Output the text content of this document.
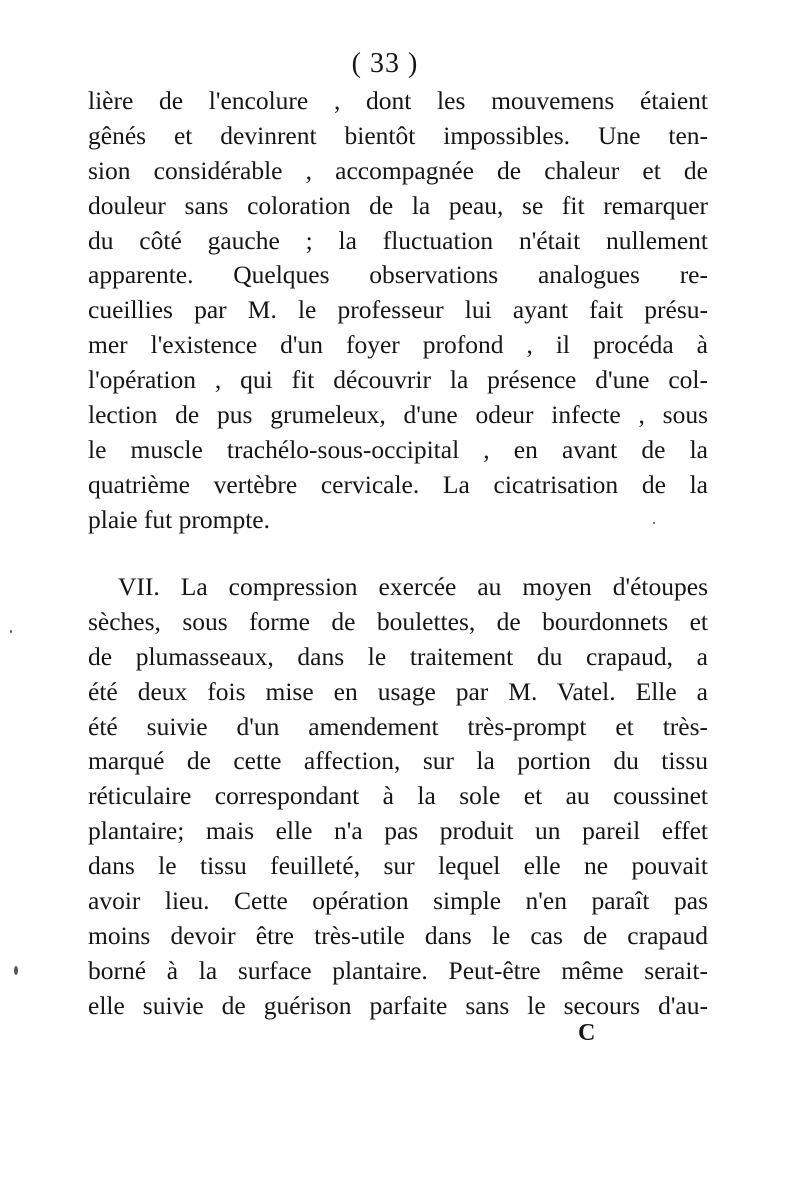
( 33 )
lière de l'encolure , dont les mouvemens étaient
gênés et devinrent bientôt impossibles. Une ten-
sion considérable , accompagnée de chaleur et de
douleur sans coloration de la peau, se fit remarquer
du côté gauche ; la fluctuation n'était nullement
apparente. Quelques observations analogues re-
cueillies par M. le professeur lui ayant fait présu-
mer l'existence d'un foyer profond , il procéda à
l'opération , qui fit découvrir la présence d'une col-
lection de pus grumeleux, d'une odeur infecte , sous
le muscle trachélo-sous-occipital , en avant de la
quatrième vertèbre cervicale. La cicatrisation de la
plaie fut prompte.
VII. La compression exercée au moyen d'étoupes
sèches, sous forme de boulettes, de bourdonnets et
de plumasseaux, dans le traitement du crapaud, a
été deux fois mise en usage par M. Vatel. Elle a
été suivie d'un amendement très-prompt et très-
marqué de cette affection, sur la portion du tissu
réticulaire correspondant à la sole et au coussinet
plantaire; mais elle n'a pas produit un pareil effet
dans le tissu feuilleté, sur lequel elle ne pouvait
avoir lieu. Cette opération simple n'en paraît pas
moins devoir être très-utile dans le cas de crapaud
borné à la surface plantaire. Peut-être même serait-
elle suivie de guérison parfaite sans le secours d'au-
C
